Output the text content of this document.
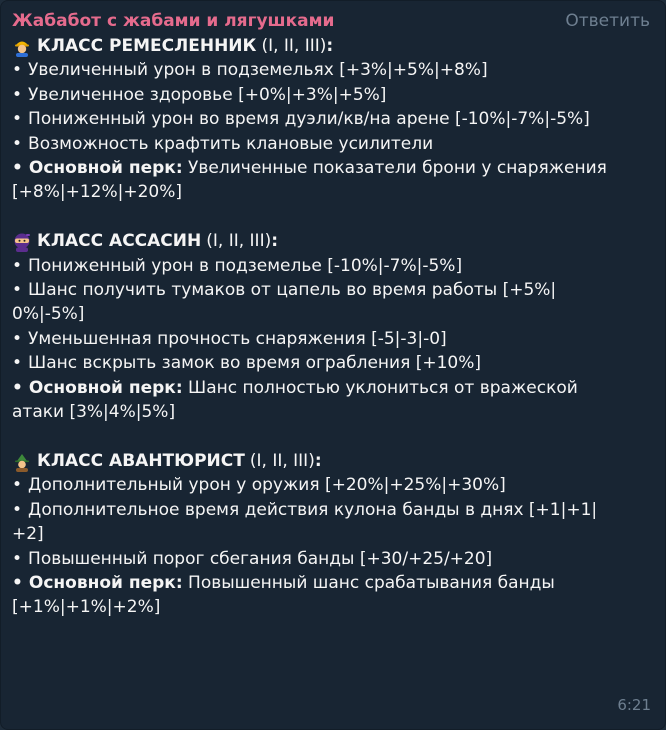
Жабабот с жабами и лягушками	Ответить
КЛАСС РЕМЕСЛЕННИК (I, II, III) :
• Увеличенный урон в подземельях [+3%|+5%|+8%]
• Увеличенное здоровье [+0%|+3%|+5%]
• Пониженный урон во время дуэли/кв/на арене [-10%|-7%|-5%]
• Возможность крафтить клановые усилители
• Основной перк: Увеличенные показатели брони у снаряжения
[+8%|+12%|+20%]
КЛАСС АССАСИН (I, II, III) :
• Пониженный урон в подземелье [-10%|-7%|-5%]
• Шанс получить тумаков от цапель во время работы [+5%|
0%|-5%]
• Уменьшенная прочность снаряжения [-5|-3|-0]
• Шанс вскрыть замок во время ограбления [+10%]
• Основной перк: Шанс полностью уклониться от вражеской
атаки [3%|4%|5%]
КЛАСС АВАНТЮРИСТ (I, II, III) :
• Дополнительный урон у оружия [+20%|+25%|+30%]
• Дополнительное время действия кулона банды в днях [+1|+1|
+2]
• Повышенный порог сбегания банды [+30/+25/+20]
• Основной перк: Повышенный шанс срабатывания банды
[+1%|+1%|+2%]
6:21
